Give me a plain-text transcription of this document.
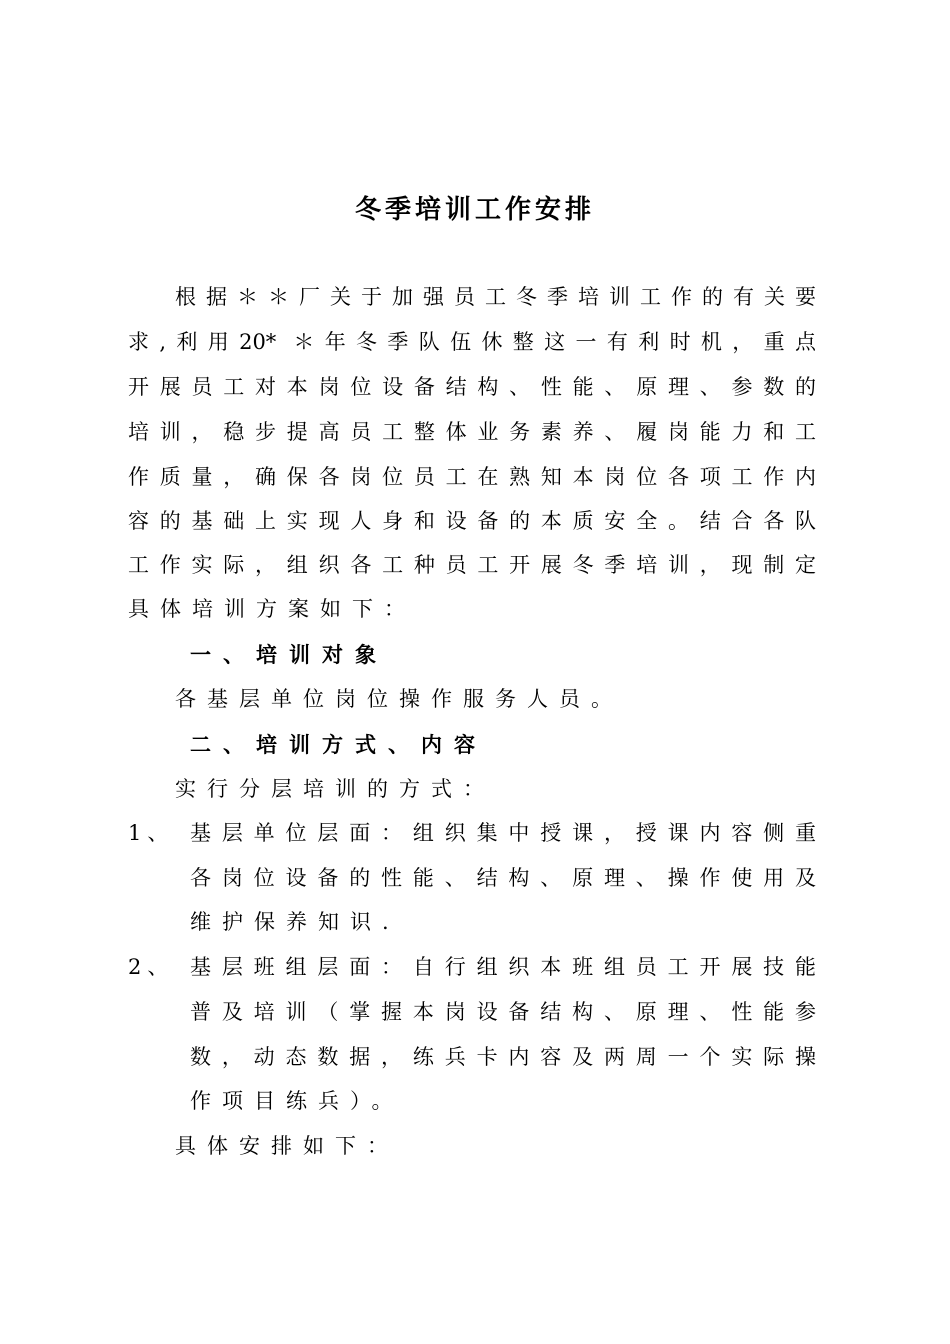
冬季培训工作安排
根据＊＊厂关于加强员工冬季培训工作的有关要
求,利用20* ＊年冬季队伍休整这一有利时机，重点
开展员工对本岗位设备结构、性能、原理、参数的
培训，稳步提高员工整体业务素养、履岗能力和工
作质量，确保各岗位员工在熟知本岗位各项工作内
容的基础上实现人身和设备的本质安全。结合各队
工作实际，组织各工种员工开展冬季培训，现制定
具体培训方案如下：
一、培训对象
各基层单位岗位操作服务人员。
二、培训方式、内容
实行分层培训的方式：
1、 基层单位层面：组织集中授课，授课内容侧重
各岗位设备的性能、结构、原理、操作使用及
维护保养知识.
2、 基层班组层面：自行组织本班组员工开展技能
普及培训（掌握本岗设备结构、原理、性能参
数，动态数据，练兵卡内容及两周一个实际操
作项目练兵）。
具体安排如下：
